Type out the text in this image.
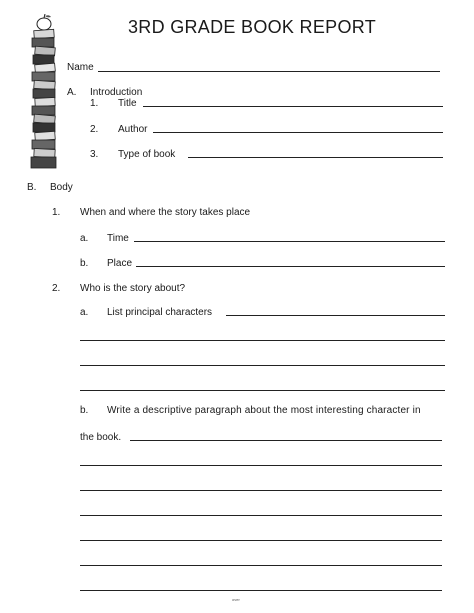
3RD GRADE BOOK REPORT
Name
A. Introduction
1. Title
2. Author
3. Type of book
B. Body
1. When and where the story takes place
a. Time
b. Place
2. Who is the story about?
a. List principal characters
b. Write a descriptive paragraph about the most interesting character in
the book.
over
